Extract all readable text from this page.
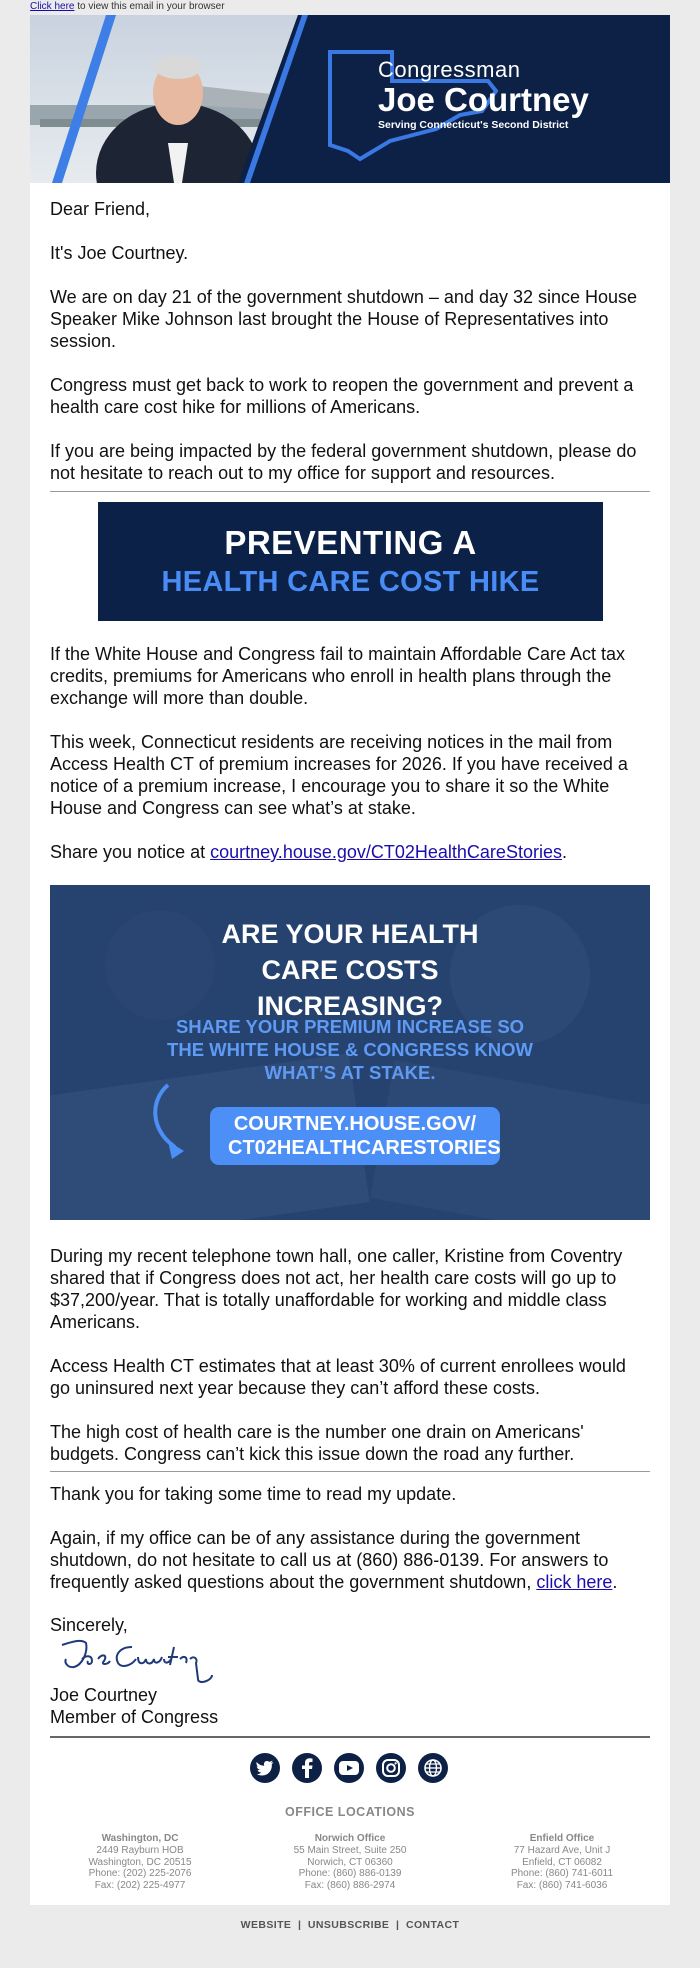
Click here to view this email in your browser
Congressman
Joe Courtney
Serving Connecticut's Second District
Dear Friend,
It's Joe Courtney.
We are on day 21 of the government shutdown – and day 32 since House Speaker Mike Johnson last brought the House of Representatives into session.
Congress must get back to work to reopen the government and prevent a health care cost hike for millions of Americans.
If you are being impacted by the federal government shutdown, please do not hesitate to reach out to my office for support and resources.
PREVENTING A
HEALTH CARE COST HIKE
If the White House and Congress fail to maintain Affordable Care Act tax credits, premiums for Americans who enroll in health plans through the exchange will more than double.
This week, Connecticut residents are receiving notices in the mail from Access Health CT of premium increases for 2026. If you have received a notice of a premium increase, I encourage you to share it so the White House and Congress can see what’s at stake.
Share you notice at courtney.house.gov/CT02HealthCareStories.
ARE YOUR HEALTH CARE COSTS INCREASING?
SHARE YOUR PREMIUM INCREASE SO THE WHITE HOUSE & CONGRESS KNOW WHAT’S AT STAKE.
COURTNEY.HOUSE.GOV/ CT02HEALTHCARESTORIES
During my recent telephone town hall, one caller, Kristine from Coventry shared that if Congress does not act, her health care costs will go up to $37,200/year. That is totally unaffordable for working and middle class Americans.
Access Health CT estimates that at least 30% of current enrollees would go uninsured next year because they can’t afford these costs.
The high cost of health care is the number one drain on Americans' budgets. Congress can’t kick this issue down the road any further.
Thank you for taking some time to read my update.
Again, if my office can be of any assistance during the government shutdown, do not hesitate to call us at (860) 886-0139. For answers to frequently asked questions about the government shutdown, click here.
Sincerely,
Joe Courtney
Member of Congress
OFFICE LOCATIONS
Washington, DC
2449 Rayburn HOB
Washington, DC 20515
Phone: (202) 225-2076
Fax: (202) 225-4977
Norwich Office
55 Main Street, Suite 250
Norwich, CT 06360
Phone: (860) 886-0139
Fax: (860) 886-2974
Enfield Office
77 Hazard Ave, Unit J
Enfield, CT 06082
Phone: (860) 741-6011
Fax: (860) 741-6036
WEBSITE | UNSUBSCRIBE | CONTACT
